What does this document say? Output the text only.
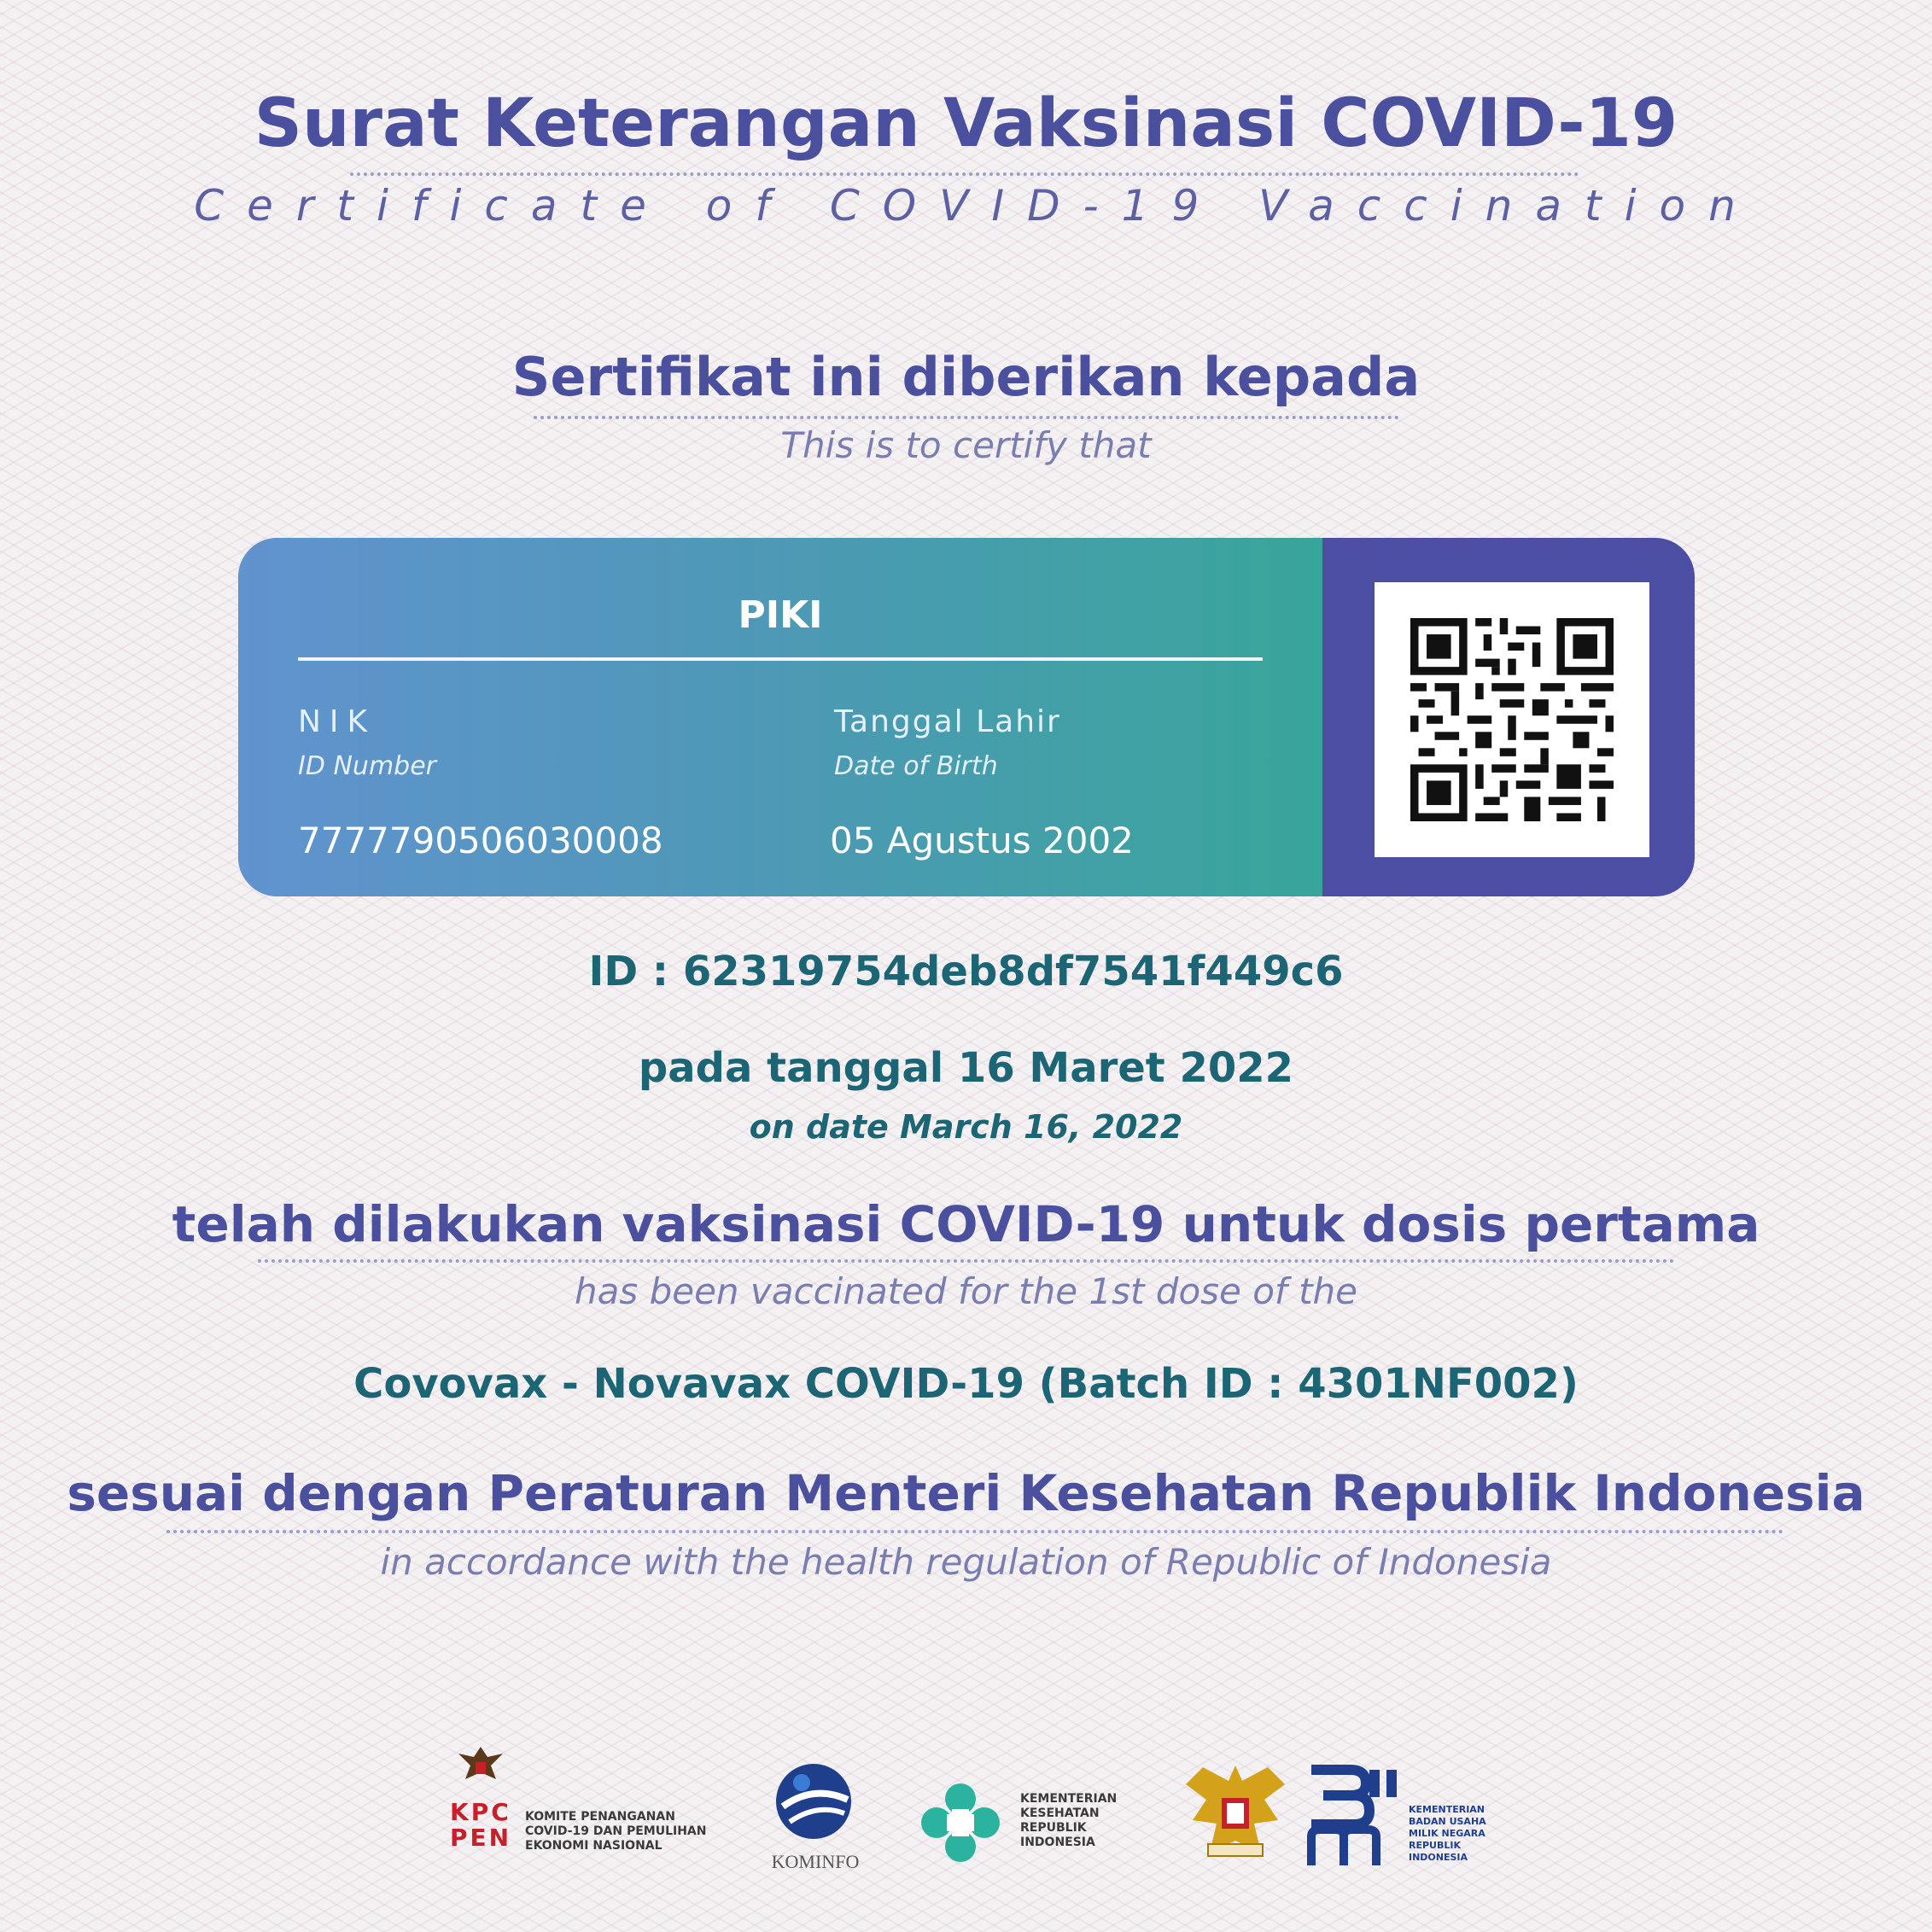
Surat Keterangan Vaksinasi COVID-19
Certificate of COVID-19 Vaccination
Sertifikat ini diberikan kepada
This is to certify that
PIKI
NIK
ID Number
7777790506030008
Tanggal Lahir
Date of Birth
05 Agustus 2002
ID : 62319754deb8df7541f449c6
pada tanggal 16 Maret 2022
on date March 16, 2022
telah dilakukan vaksinasi COVID-19 untuk dosis pertama
has been vaccinated for the 1st dose of the
Covovax - Novavax COVID-19 (Batch ID : 4301NF002)
sesuai dengan Peraturan Menteri Kesehatan Republik Indonesia
in accordance with the health regulation of Republic of Indonesia
KPC
PEN
KOMITE PENANGANAN COVID-19 DAN PEMULIHAN EKONOMI NASIONAL
KOMINFO
KEMENTERIAN KESEHATAN REPUBLIK INDONESIA
KEMENTERIAN BADAN USAHA MILIK NEGARA REPUBLIK INDONESIA
